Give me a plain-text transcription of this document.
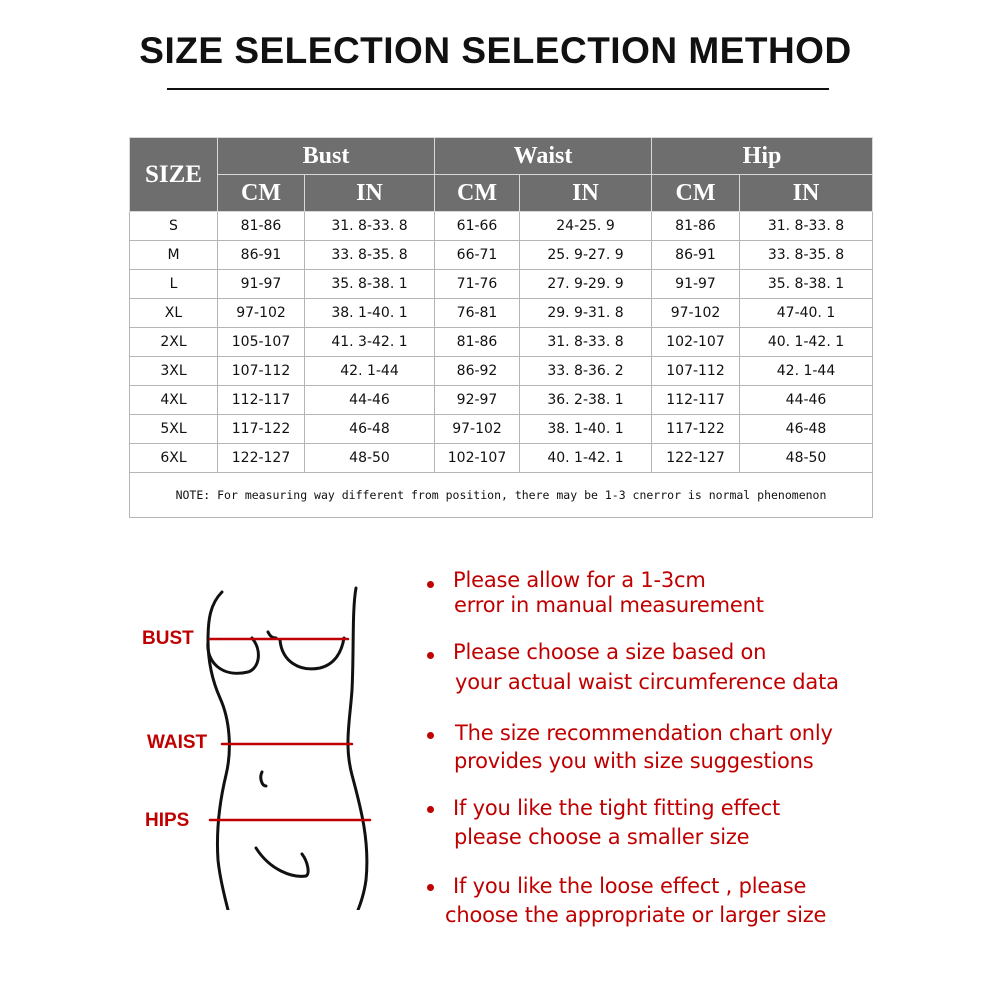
SIZE SELECTION SELECTION METHOD
SIZE	Bust		Waist		Hip	
	CM	IN	CM	IN	CM	IN
S	81-86	31. 8-33. 8	61-66	24-25. 9	81-86	31. 8-33. 8
M	86-91	33. 8-35. 8	66-71	25. 9-27. 9	86-91	33. 8-35. 8
L	91-97	35. 8-38. 1	71-76	27. 9-29. 9	91-97	35. 8-38. 1
XL	97-102	38. 1-40. 1	76-81	29. 9-31. 8	97-102	47-40. 1
2XL	105-107	41. 3-42. 1	81-86	31. 8-33. 8	102-107	40. 1-42. 1
3XL	107-112	42. 1-44	86-92	33. 8-36. 2	107-112	42. 1-44
4XL	112-117	44-46	92-97	36. 2-38. 1	112-117	44-46
5XL	117-122	46-48	97-102	38. 1-40. 1	117-122	46-48
6XL	122-127	48-50	102-107	40. 1-42. 1	122-127	48-50
NOTE: For measuring way different from position, there may be 1-3 cnerror is normal phenomenon						
BUST
WAIST
HIPS
Please allow for a 1-3cm
error in manual measurement
Please choose a size based on
your actual waist circumference data
The size recommendation chart only
provides you with size suggestions
If you like the tight fitting effect
please choose a smaller size
If you like the loose effect , please
choose the appropriate or larger size
